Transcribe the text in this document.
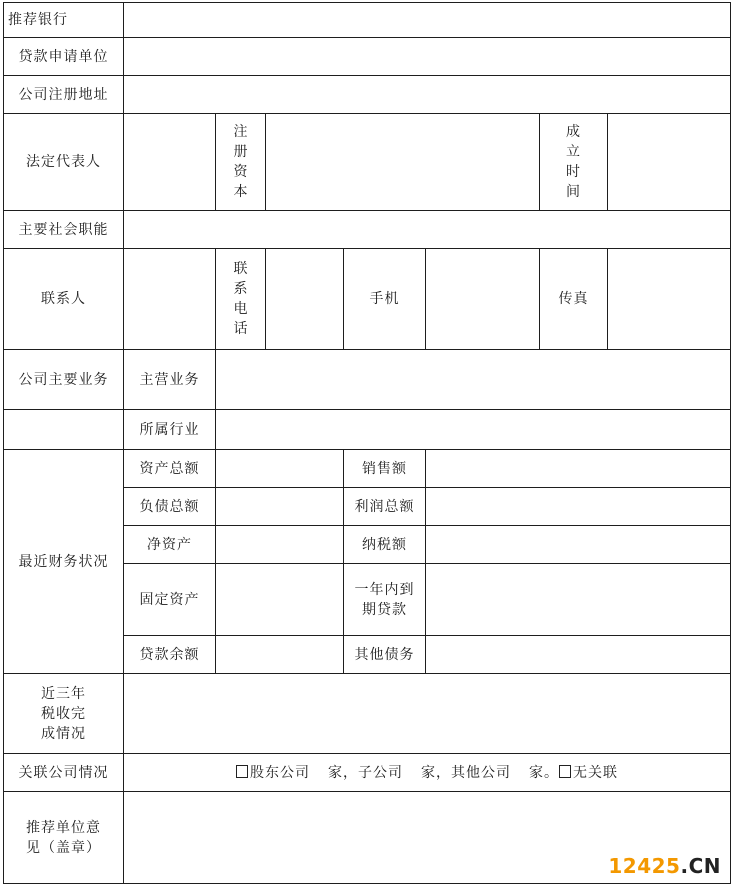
推荐银行							
贷款申请单位							
公司注册地址							
法定代表人		注册资本				成立时间	

主要社会职能							
联系人		联系电话		手机		传真	
公司主要业务	主营业务						
	所属行业						
最近财务状况	资产总额			销售额			
	负债总额			利润总额			
	净资产			纳税额			
	固定资产			一年内到期贷款			

	贷款余额			其他债务			

近三年税收完成情况							

关联公司情况	股东公司 家，子公司 家，其他公司 家。 无关联						

推荐单位意见（盖章）							

12425.CN
